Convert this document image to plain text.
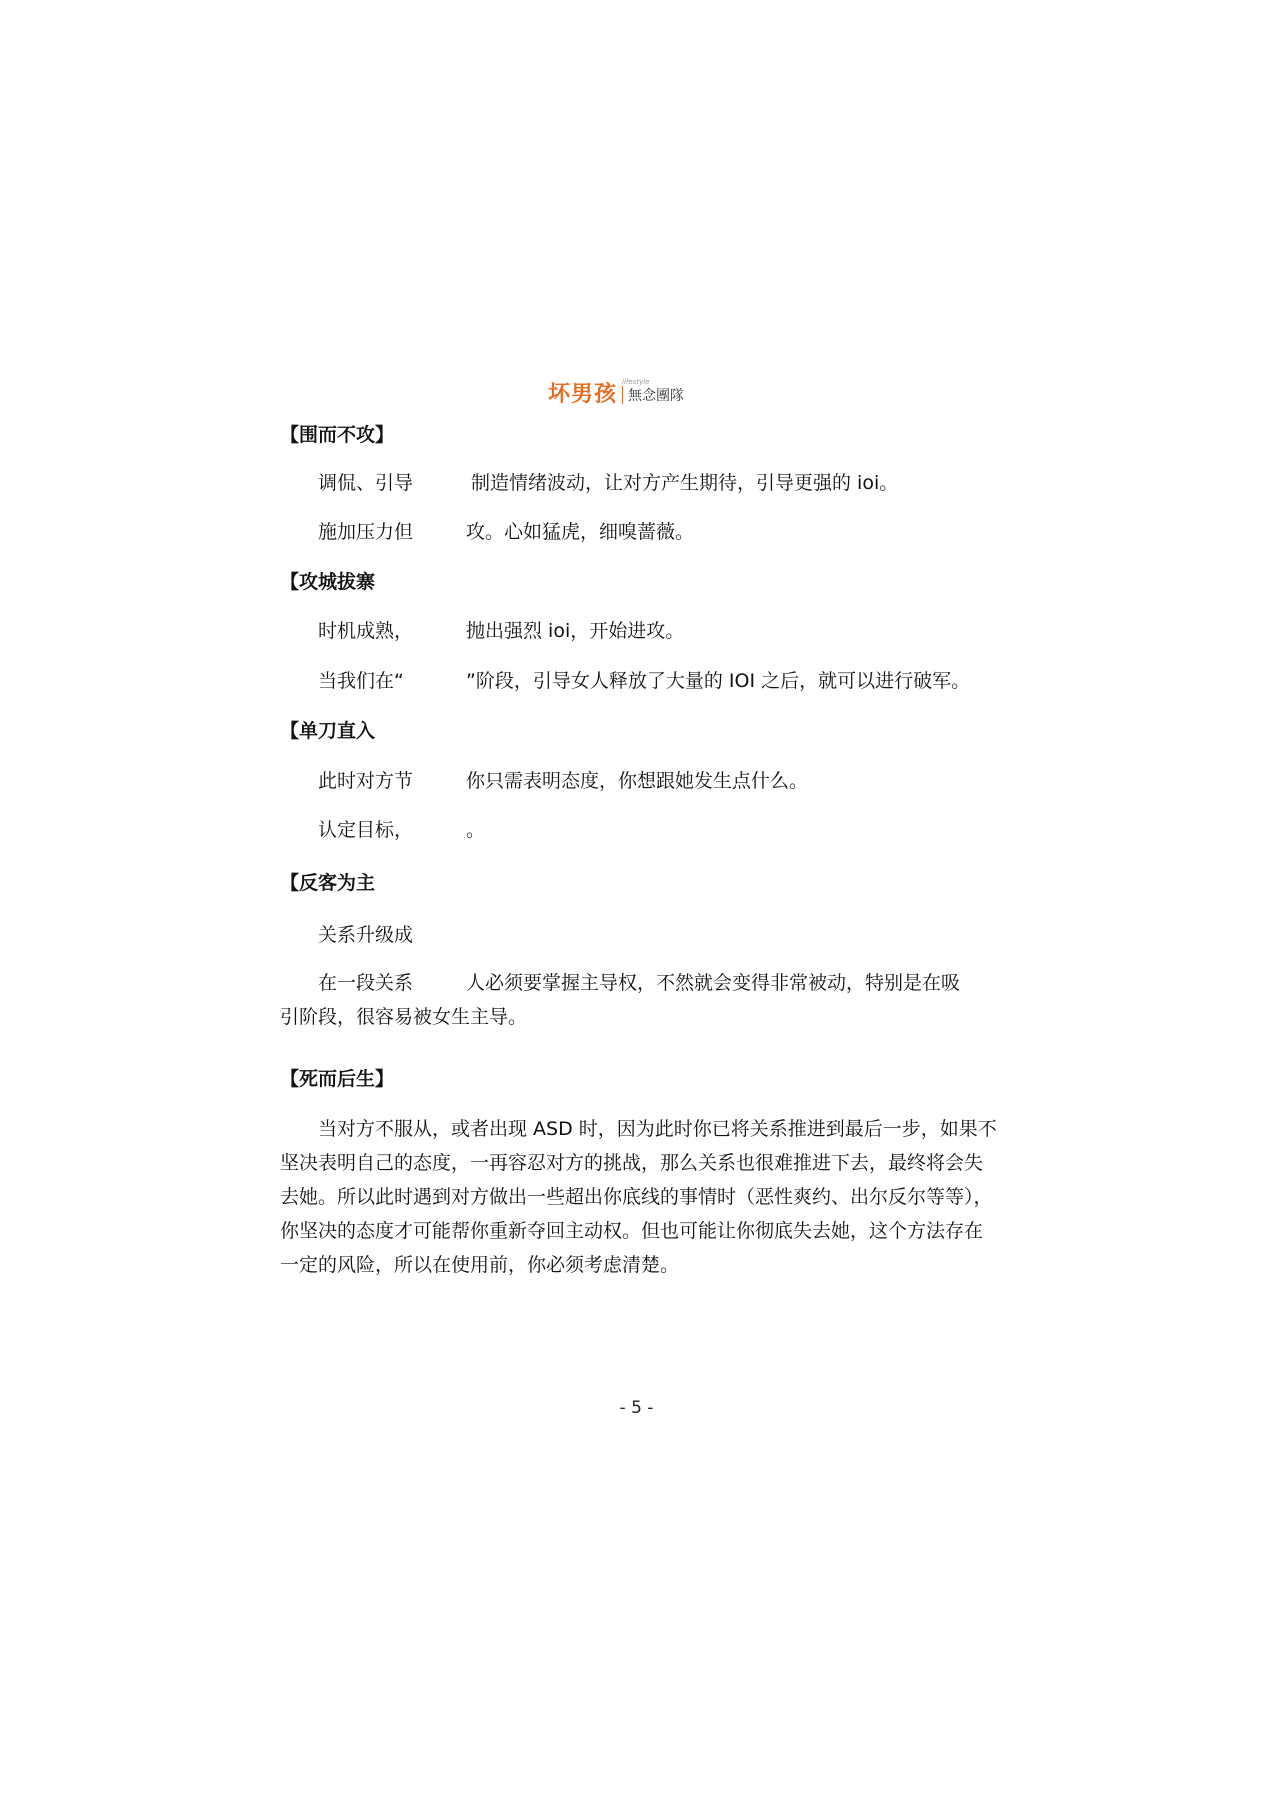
坏男孩 lifestyle
無念團隊
【围而不攻】
调侃、引导	制造情绪波动，让对方产生期待，引导更强的 ioi。
施加压力但	攻。心如猛虎，细嗅蔷薇。
【攻城拔寨
时机成熟，	抛出强烈 ioi，开始进攻。
当我们在“	”阶段，引导女人释放了大量的 IOI 之后，就可以进行破军。
【单刀直入
此时对方节	你只需表明态度，你想跟她发生点什么。
认定目标，	。
【反客为主
关系升级成
在一段关系	人必须要掌握主导权，不然就会变得非常被动，特别是在吸
引阶段，很容易被女生主导。
【死而后生】
当对方不服从，或者出现 ASD 时，因为此时你已将关系推进到最后一步，如果不
坚决表明自己的态度，一再容忍对方的挑战，那么关系也很难推进下去，最终将会失
去她。所以此时遇到对方做出一些超出你底线的事情时（恶性爽约、出尔反尔等等），
你坚决的态度才可能帮你重新夺回主动权。但也可能让你彻底失去她，这个方法存在
一定的风险，所以在使用前，你必须考虑清楚。
- 5 -
